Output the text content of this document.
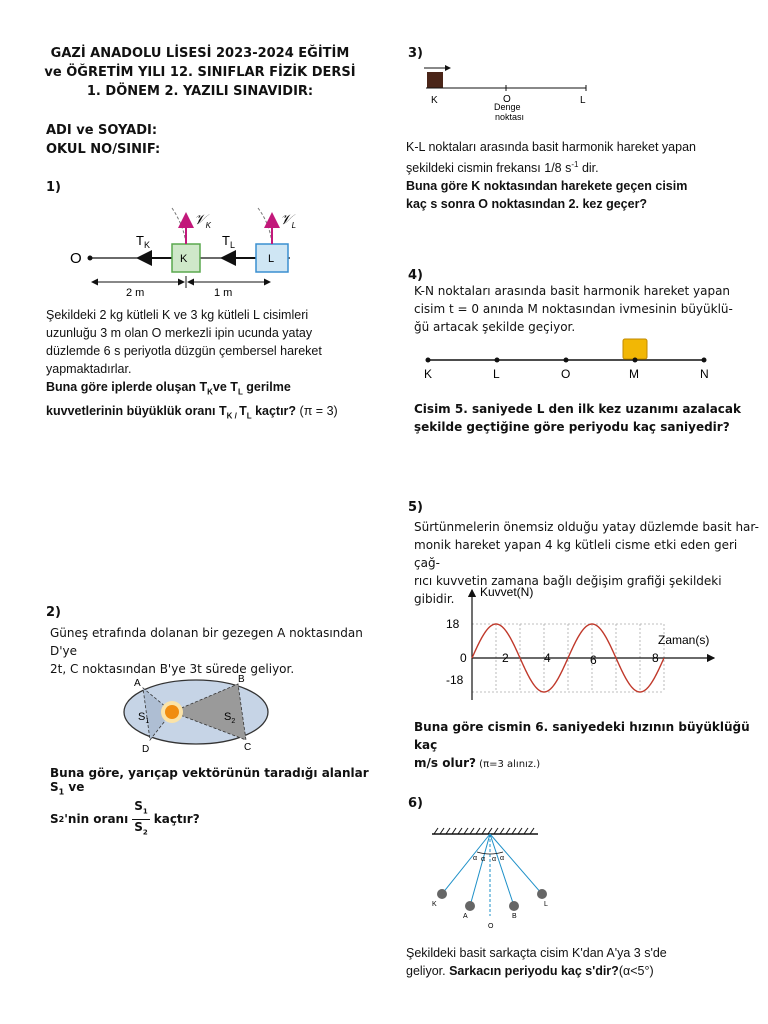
GAZİ ANADOLU LİSESİ 2023-2024 EĞİTİM
ve ÖĞRETİM YILI 12. SINIFLAR FİZİK DERSİ
1. DÖNEM 2. YAZILI SINAVIDIR:
ADI ve SOYADI:
OKUL NO/SINIF:
1)
O
$T_K$	$T_L$
K	L
𝒱$_K$	𝒱$_L$
2 m	1 m
Şekildeki 2 kg kütleli K ve 3 kg kütleli L cisimleri
uzunluğu 3 m olan O merkezli ipin ucunda yatay
düzlemde 6 s periyotla düzgün çembersel hareket
yapmaktadırlar.
Buna göre iplerde oluşan $T_Kve$ $T_L$ gerilme
kuvvetlerinin büyüklük oranı $T_{K /}$ $T_L$ kaçtır? (π = 3)
2)
Güneş etrafında dolanan bir gezegen A noktasından D'ye
2t, C noktasından B'ye 3t sürede geliyor.
A	B
C
D
$S_1$	$S_2$
Buna göre, yarıçap vektörünün taradığı alanlar $S_1$ ve
S 2 'nin oranı
$S_1$
$S_2$
kaçtır?
3)
K	O	L
Denge
noktası
K-L noktaları arasında basit harmonik hareket yapan
şekildeki cismin frekansı 1/8 $s^{-1}$ dir.
Buna göre K noktasından harekete geçen cisim
kaç s sonra O noktasından 2. kez geçer?
4)
K-N noktaları arasında basit harmonik hareket yapan
cisim t = 0 anında M noktasından ivmesinin büyüklü-
ğü artacak şekilde geçiyor.
K	L	O	M	N
Cisim 5. saniyede L den ilk kez uzanımı azalacak
şekilde geçtiğine göre periyodu kaç saniyedir?
5)
Sürtünmelerin önemsiz olduğu yatay düzlemde basit har-
monik hareket yapan 4 kg kütleli cisme etki eden geri çağ-
rıcı kuvvetin zamana bağlı değişim grafiği şekildeki gibidir.	Kuvvet(N)
Zaman(s)
18
0
-18
2	4	6	8
Buna göre cismin 6. saniyedeki hızının büyüklüğü kaç
m/s olur? (π=3 alınız.)
6)
α α α α
K
A
O
B
L
Şekildeki basit sarkaçta cisim K'dan A'ya 3 s'de
geliyor. Sarkacın periyodu kaç s'dir?(α<5°)
